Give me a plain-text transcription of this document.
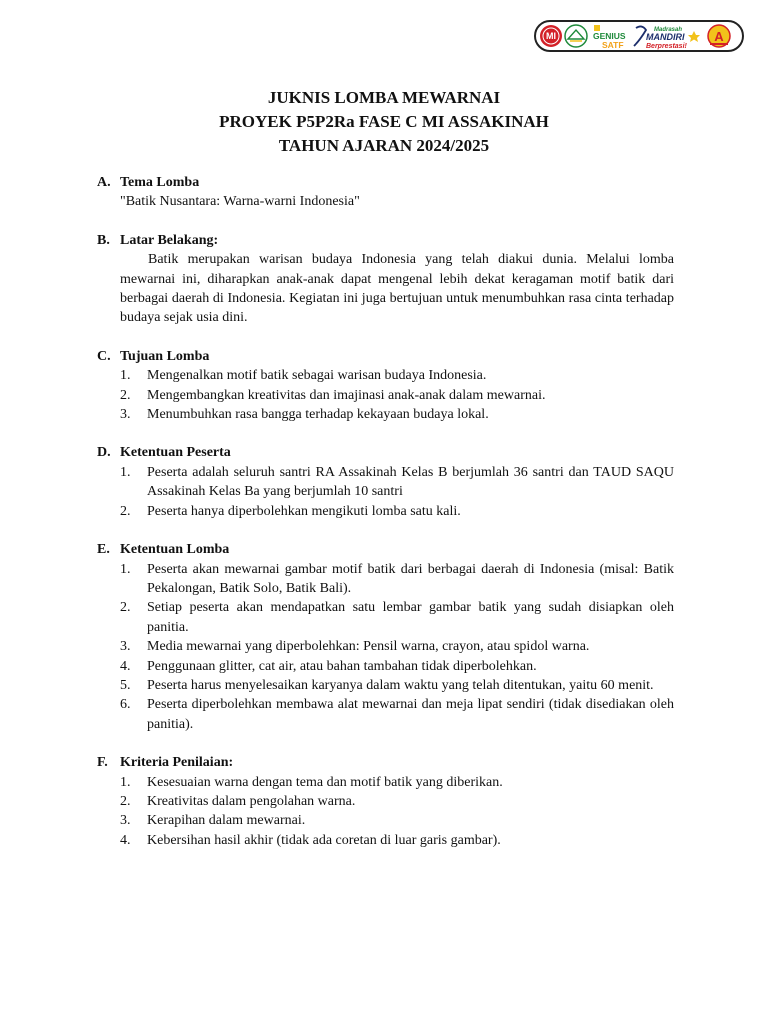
MI	GENIUS
SATF
Madrasah
MANDIRI
Berprestasi!
A
JUKNIS LOMBA MEWARNAI
PROYEK P5P2Ra FASE C MI ASSAKINAH
TAHUN AJARAN 2024/2025
A. Tema Lomba
"Batik Nusantara: Warna-warni Indonesia"
B. Latar Belakang:
Batik merupakan warisan budaya Indonesia yang telah diakui dunia. Melalui lomba mewarnai ini, diharapkan anak-anak dapat mengenal lebih dekat keragaman motif batik dari berbagai daerah di Indonesia. Kegiatan ini juga bertujuan untuk menumbuhkan rasa cinta terhadap budaya sejak usia dini.
C. Tujuan Lomba
1.	Mengenalkan motif batik sebagai warisan budaya Indonesia.
2.	Mengembangkan kreativitas dan imajinasi anak-anak dalam mewarnai.
3.	Menumbuhkan rasa bangga terhadap kekayaan budaya lokal.
D. Ketentuan Peserta
1.	Peserta adalah seluruh santri RA Assakinah Kelas B berjumlah 36 santri dan TAUD SAQU Assakinah Kelas Ba yang berjumlah 10 santri
2.	Peserta hanya diperbolehkan mengikuti lomba satu kali.
E. Ketentuan Lomba
1.	Peserta akan mewarnai gambar motif batik dari berbagai daerah di Indonesia (misal: Batik Pekalongan, Batik Solo, Batik Bali).
2.	Setiap peserta akan mendapatkan satu lembar gambar batik yang sudah disiapkan oleh panitia.
3.	Media mewarnai yang diperbolehkan: Pensil warna, crayon, atau spidol warna.
4.	Penggunaan glitter, cat air, atau bahan tambahan tidak diperbolehkan.
5.	Peserta harus menyelesaikan karyanya dalam waktu yang telah ditentukan, yaitu 60 menit.
6.	Peserta diperbolehkan membawa alat mewarnai dan meja lipat sendiri (tidak disediakan oleh panitia).
F. Kriteria Penilaian:
1.	Kesesuaian warna dengan tema dan motif batik yang diberikan.
2.	Kreativitas dalam pengolahan warna.
3.	Kerapihan dalam mewarnai.
4.	Kebersihan hasil akhir (tidak ada coretan di luar garis gambar).
